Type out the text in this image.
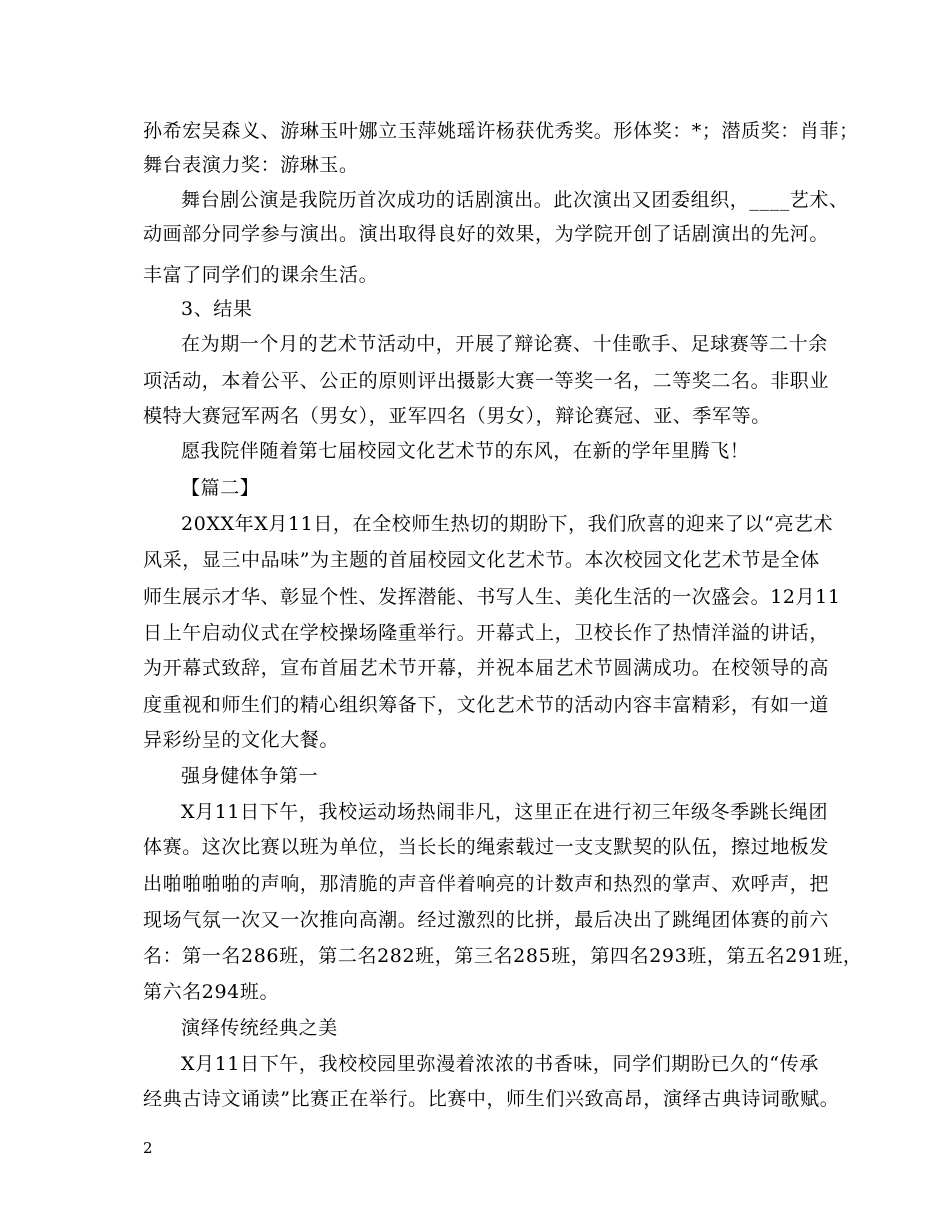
孙希宏吴森义、游琳玉叶娜立玉萍姚瑶许杨获优秀奖。形体奖：*；潜质奖：肖菲；
舞台表演力奖：游琳玉。
舞台剧公演是我院历首次成功的话剧演出。此次演出又团委组织，____艺术、
动画部分同学参与演出。演出取得良好的效果，为学院开创了话剧演出的先河。
丰富了同学们的课余生活。
3、结果
在为期一个月的艺术节活动中，开展了辩论赛、十佳歌手、足球赛等二十余
项活动，本着公平、公正的原则评出摄影大赛一等奖一名，二等奖二名。非职业
模特大赛冠军两名（男女），亚军四名（男女），辩论赛冠、亚、季军等。
愿我院伴随着第七届校园文化艺术节的东风，在新的学年里腾飞！
【篇二】
20XX年X月11日，在全校师生热切的期盼下，我们欣喜的迎来了以“亮艺术
风采，显三中品味”为主题的首届校园文化艺术节。本次校园文化艺术节是全体
师生展示才华、彰显个性、发挥潜能、书写人生、美化生活的一次盛会。12月11
日上午启动仪式在学校操场隆重举行。开幕式上，卫校长作了热情洋溢的讲话，
为开幕式致辞，宣布首届艺术节开幕，并祝本届艺术节圆满成功。在校领导的高
度重视和师生们的精心组织筹备下，文化艺术节的活动内容丰富精彩，有如一道
异彩纷呈的文化大餐。
强身健体争第一
X月11日下午，我校运动场热闹非凡，这里正在进行初三年级冬季跳长绳团
体赛。这次比赛以班为单位，当长长的绳索载过一支支默契的队伍，擦过地板发
出啪啪啪啪的声响，那清脆的声音伴着响亮的计数声和热烈的掌声、欢呼声，把
现场气氛一次又一次推向高潮。经过激烈的比拼，最后决出了跳绳团体赛的前六
名：第一名286班，第二名282班，第三名285班，第四名293班，第五名291班，
第六名294班。
演绎传统经典之美
X月11日下午，我校校园里弥漫着浓浓的书香味，同学们期盼已久的“传承
经典古诗文诵读”比赛正在举行。比赛中，师生们兴致高昂，演绎古典诗词歌赋。
2
